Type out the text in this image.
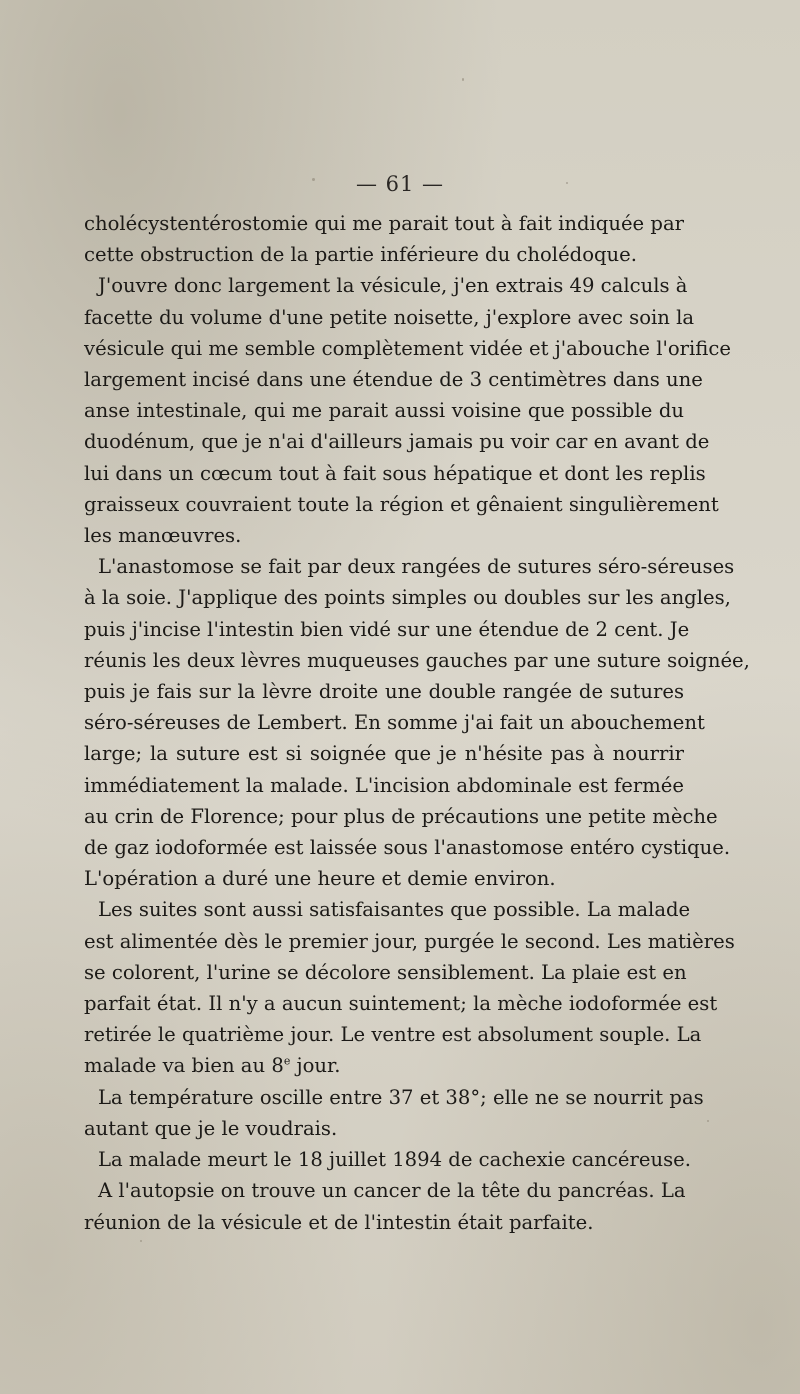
— 61 —
cholécystentérostomie qui me parait tout à fait indiquée par
cette obstruction de la partie inférieure du cholédoque.
J'ouvre donc largement la vésicule, j'en extrais 49 calculs à
facette du volume d'une petite noisette, j'explore avec soin la
vésicule qui me semble complètement vidée et j'abouche l'orifice
largement incisé dans une étendue de 3 centimètres dans une
anse intestinale, qui me parait aussi voisine que possible du
duodénum, que je n'ai d'ailleurs jamais pu voir car en avant de
lui dans un cœcum tout à fait sous hépatique et dont les replis
graisseux couvraient toute la région et gênaient singulièrement
les manœuvres.
L'anastomose se fait par deux rangées de sutures séro-séreuses
à la soie. J'applique des points simples ou doubles sur les angles,
puis j'incise l'intestin bien vidé sur une étendue de 2 cent. Je
réunis les deux lèvres muqueuses gauches par une suture soignée,
puis je fais sur la lèvre droite une double rangée de sutures
séro-séreuses de Lembert. En somme j'ai fait un abouchement
large; la suture est si soignée que je n'hésite pas à nourrir
immédiatement la malade. L'incision abdominale est fermée
au crin de Florence; pour plus de précautions une petite mèche
de gaz iodoformée est laissée sous l'anastomose entéro cystique.
L'opération a duré une heure et demie environ.
Les suites sont aussi satisfaisantes que possible. La malade
est alimentée dès le premier jour, purgée le second. Les matières
se colorent, l'urine se décolore sensiblement. La plaie est en
parfait état. Il n'y a aucun suintement; la mèche iodoformée est
retirée le quatrième jour. Le ventre est absolument souple. La
malade va bien au 8e jour.
La température oscille entre 37 et 38°; elle ne se nourrit pas
autant que je le voudrais.
La malade meurt le 18 juillet 1894 de cachexie cancéreuse.
A l'autopsie on trouve un cancer de la tête du pancréas. La
réunion de la vésicule et de l'intestin était parfaite.
